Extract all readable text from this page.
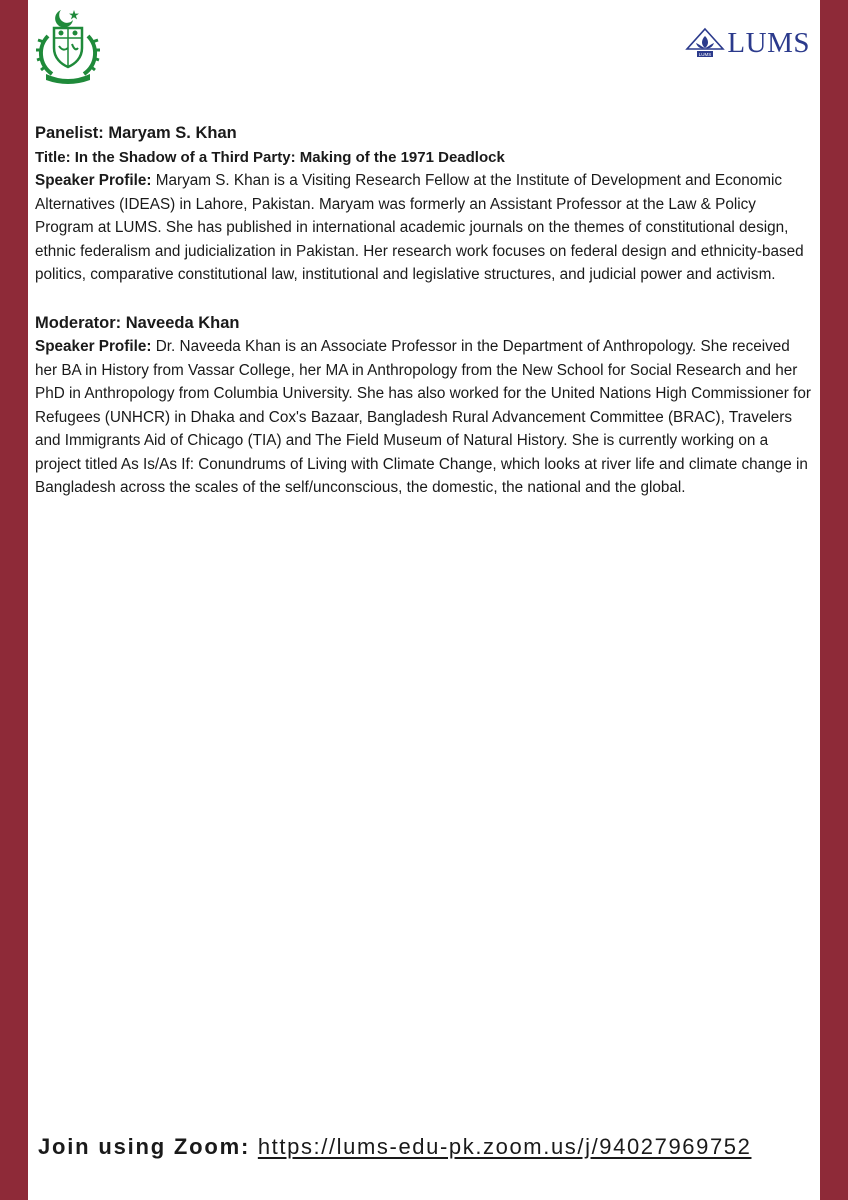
LUMS LUMS
Panelist: Maryam S. Khan
Title: In the Shadow of a Third Party: Making of the 1971 Deadlock
Speaker Profile: Maryam S. Khan is a Visiting Research Fellow at the Institute of Development and Economic Alternatives (IDEAS) in Lahore, Pakistan. Maryam was formerly an Assistant Professor at the Law & Policy Program at LUMS. She has published in international academic journals on the themes of constitutional design, ethnic federalism and judicialization in Pakistan. Her research work focuses on federal design and ethnicity-based politics, comparative constitutional law, institutional and legislative structures, and judicial power and activism.
Moderator: Naveeda Khan
Speaker Profile: Dr. Naveeda Khan is an Associate Professor in the Department of Anthropology. She received her BA in History from Vassar College, her MA in Anthropology from the New School for Social Research and her PhD in Anthropology from Columbia University. She has also worked for the United Nations High Commissioner for Refugees (UNHCR) in Dhaka and Cox's Bazaar, Bangladesh Rural Advancement Committee (BRAC), Travelers and Immigrants Aid of Chicago (TIA) and The Field Museum of Natural History. She is currently working on a project titled As Is/As If: Conundrums of Living with Climate Change, which looks at river life and climate change in Bangladesh across the scales of the self/unconscious, the domestic, the national and the global.
Join using Zoom: https://lums-edu-pk.zoom.us/j/94027969752
